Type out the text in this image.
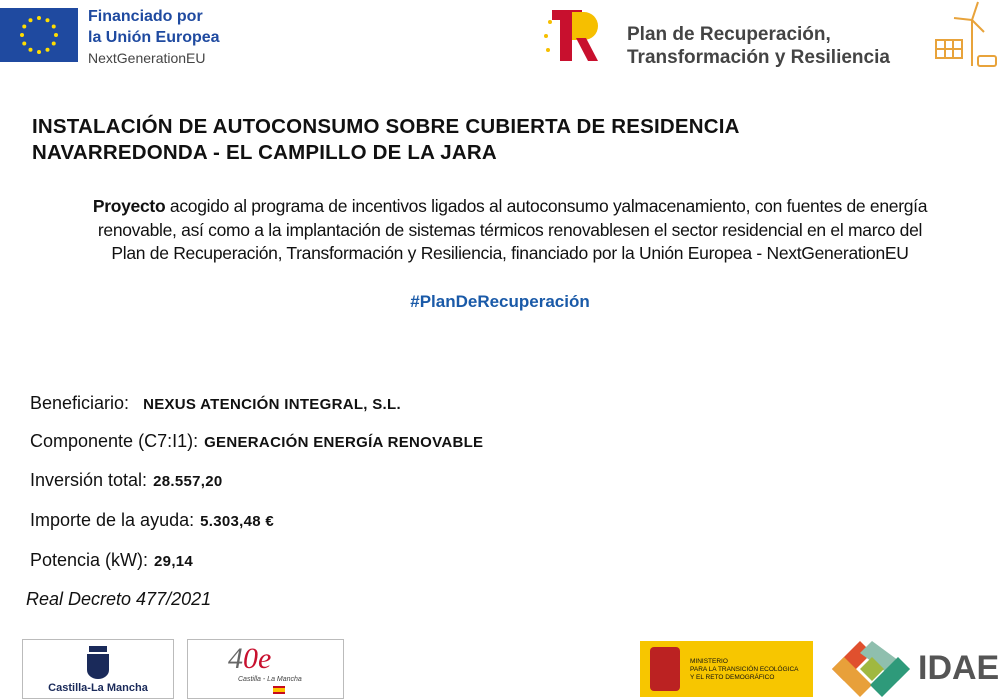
Financiado por
la Unión Europea
NextGenerationEU
Plan de Recuperación,
Transformación y Resiliencia
INSTALACIÓN DE AUTOCONSUMO SOBRE CUBIERTA DE RESIDENCIA
NAVARREDONDA - EL CAMPILLO DE LA JARA
Proyecto acogido al programa de incentivos ligados al autoconsumo yalmacenamiento, con fuentes de energía
renovable, así como a la implantación de sistemas térmicos renovablesen el sector residencial en el marco del
Plan de Recuperación, Transformación y Resiliencia, financiado por la Unión Europea - NextGenerationEU
#PlanDeRecuperación
Beneficiario: NEXUS ATENCIÓN INTEGRAL, S.L.
Componente (C7:I1): GENERACIÓN ENERGÍA RENOVABLE
Inversión total: 28.557,20
Importe de la ayuda: 5.303,48 €
Potencia (kW): 29,14
Real Decreto 477/2021
Castilla-La Mancha
40e
Castilla - La Mancha
MINISTERIO
PARA LA TRANSICIÓN ECOLÓGICA
Y EL RETO DEMOGRÁFICO	IDAE
